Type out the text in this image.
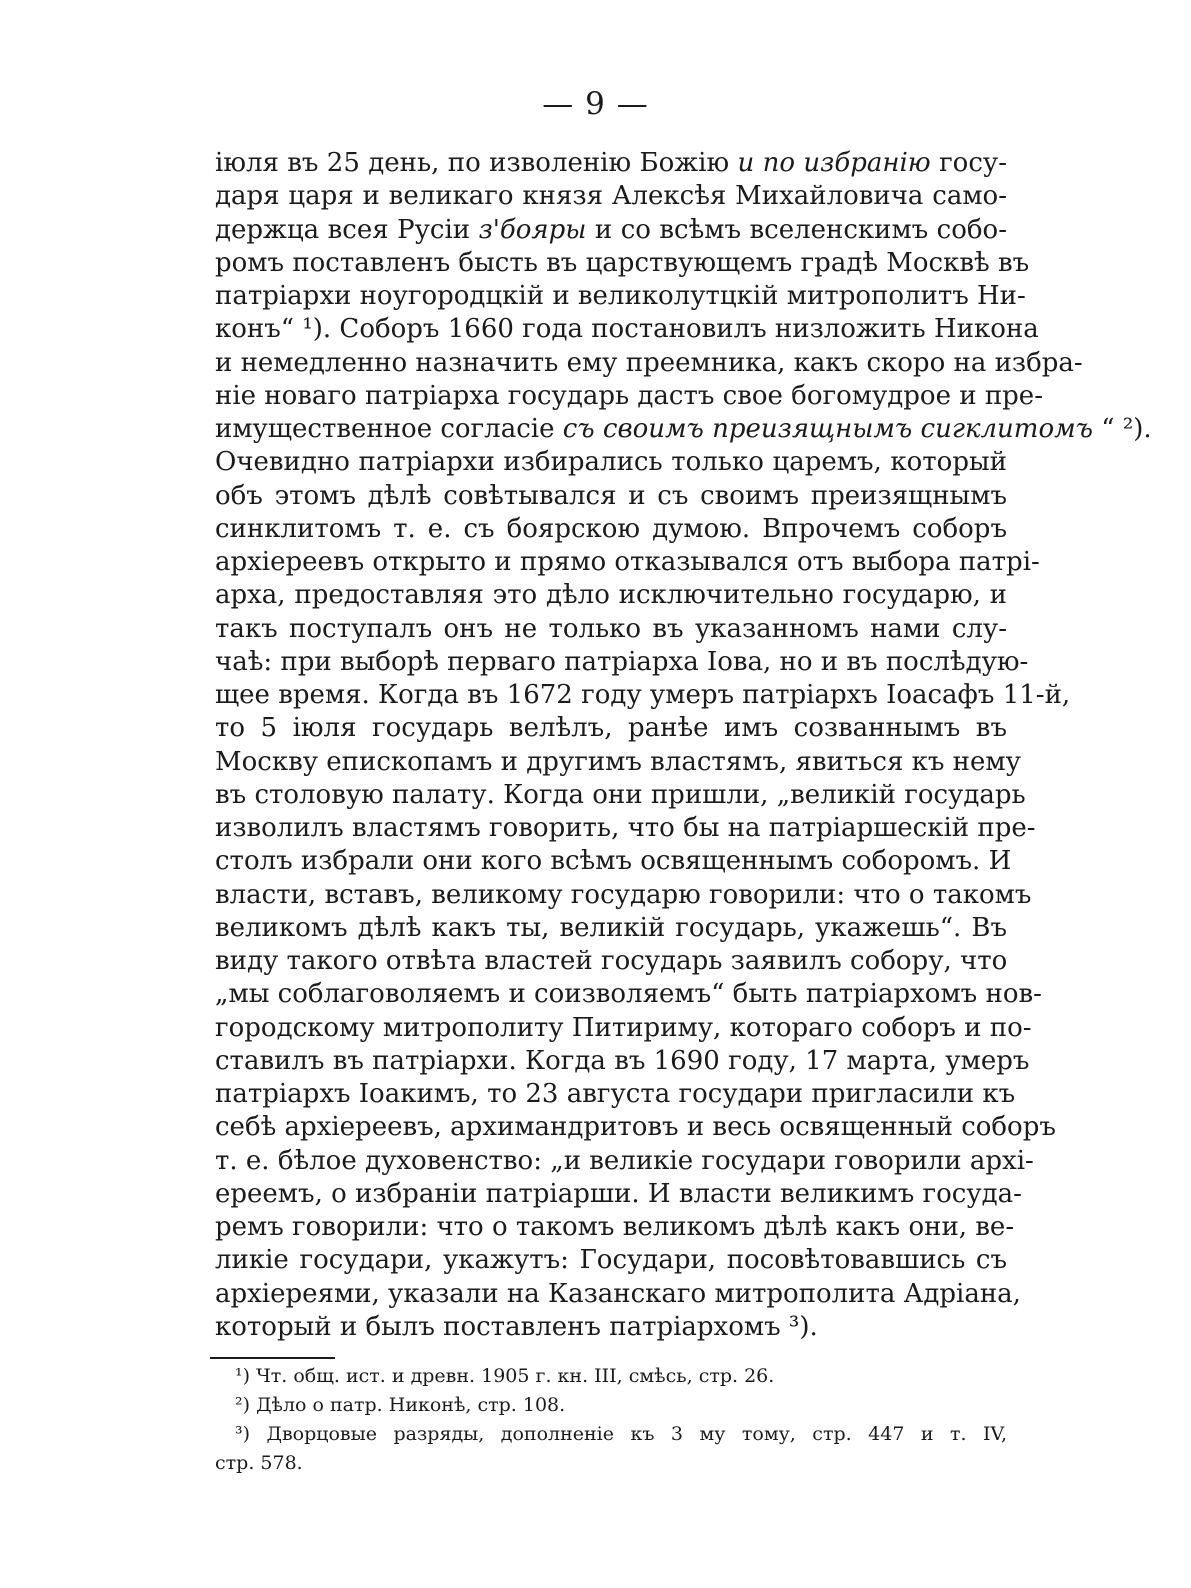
— 9 —
іюля въ 25 день, по изволенію Божію и по избранію госу-
даря царя и великаго князя Алексѣя Михайловича само-
держца всея Русіи з'бояры и со всѣмъ вселенскимъ собо-
ромъ поставленъ бысть въ царствующемъ градѣ Москвѣ въ
патріархи ноугородцкій и великолутцкій митрополитъ Ни-
конъ“ ¹). Соборъ 1660 года постановилъ низложить Никона
и немедленно назначить ему преемника, какъ скоро на избра-
ніе новаго патріарха государь дастъ свое богомудрое и пре-
имущественное согласіе съ своимъ преизящнымъ сигклитомъ “ ²).
Очевидно патріархи избирались только царемъ, который
объ этомъ дѣлѣ совѣтывался и съ своимъ преизящнымъ
синклитомъ т. е. съ боярскою думою. Впрочемъ соборъ
архіереевъ открыто и прямо отказывался отъ выбора патрі-
арха, предоставляя это дѣло исключительно государю, и
такъ поступалъ онъ не только въ указанномъ нами слу-
чаѣ: при выборѣ перваго патріарха Іова, но и въ послѣдую-
щее время. Когда въ 1672 году умеръ патріархъ Іоасафъ 11-й,
то 5 іюля государь велѣлъ, ранѣе имъ созваннымъ въ
Москву епископамъ и другимъ властямъ, явиться къ нему
въ столовую палату. Когда они пришли, „великій государь
изволилъ властямъ говорить, что бы на патріаршескій пре-
столъ избрали они кого всѣмъ освященнымъ соборомъ. И
власти, вставъ, великому государю говорили: что о такомъ
великомъ дѣлѣ какъ ты, великій государь, укажешь“. Въ
виду такого отвѣта властей государь заявилъ собору, что
„мы соблаговоляемъ и соизволяемъ“ быть патріархомъ нов-
городскому митрополиту Питириму, котораго соборъ и по-
ставилъ въ патріархи. Когда въ 1690 году, 17 марта, умеръ
патріархъ Іоакимъ, то 23 августа государи пригласили къ
себѣ архіереевъ, архимандритовъ и весь освященный соборъ
т. е. бѣлое духовенство: „и великіе государи говорили архі-
ереемъ, о избраніи патріарши. И власти великимъ госуда-
ремъ говорили: что о такомъ великомъ дѣлѣ какъ они, ве-
ликіе государи, укажутъ: Государи, посовѣтовавшись съ
архіереями, указали на Казанскаго митрополита Адріана,
который и былъ поставленъ патріархомъ ³).
¹) Чт. общ. ист. и древн. 1905 г. кн. III, смѣсь, стр. 26.
²) Дѣло о патр. Никонѣ, стр. 108.
³) Дворцовые разряды, дополненіе къ 3 му тому, стр. 447 и т. IV,
стр. 578.
